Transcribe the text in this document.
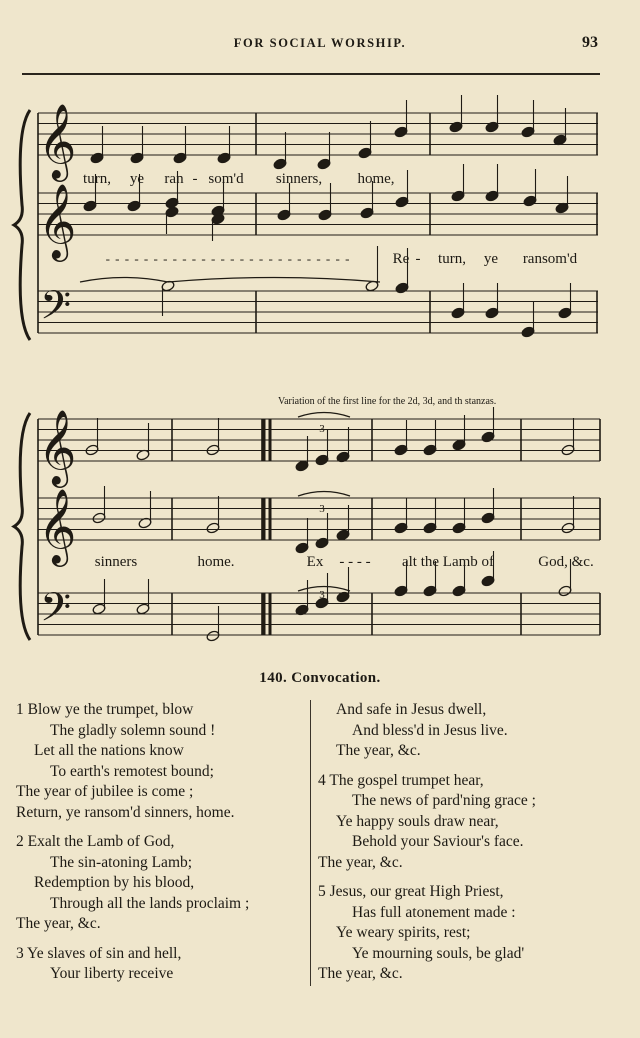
FOR SOCIAL WORSHIP.	93
𝄞
𝄞
𝄢
𝄞
𝄞
𝄢
3
3
3
turn, ye ran - som'd sinners, home,
- - - - - - - - - - - - - - - - - - - - - - - - - -	Re - turn, ye ransom'd
Variation of the first line for the 2d, 3d, and th stanzas.
sinners	home.	Ex - - - - alt the Lamb of	God, &c.
140. Convocation.
1 Blow ye the trumpet, blow
The gladly solemn sound !
Let all the nations know
To earth's remotest bound;
The year of jubilee is come ;
Return, ye ransom'd sinners, home.
2 Exalt the Lamb of God,
The sin-atoning Lamb;
Redemption by his blood,
Through all the lands proclaim ;
The year, &c.
3 Ye slaves of sin and hell,
Your liberty receive
And safe in Jesus dwell,
And bless'd in Jesus live.
The year, &c.
4 The gospel trumpet hear,
The news of pard'ning grace ;
Ye happy souls draw near,
Behold your Saviour's face.
The year, &c.
5 Jesus, our great High Priest,
Has full atonement made :
Ye weary spirits, rest;
Ye mourning souls, be glad'
The year, &c.
